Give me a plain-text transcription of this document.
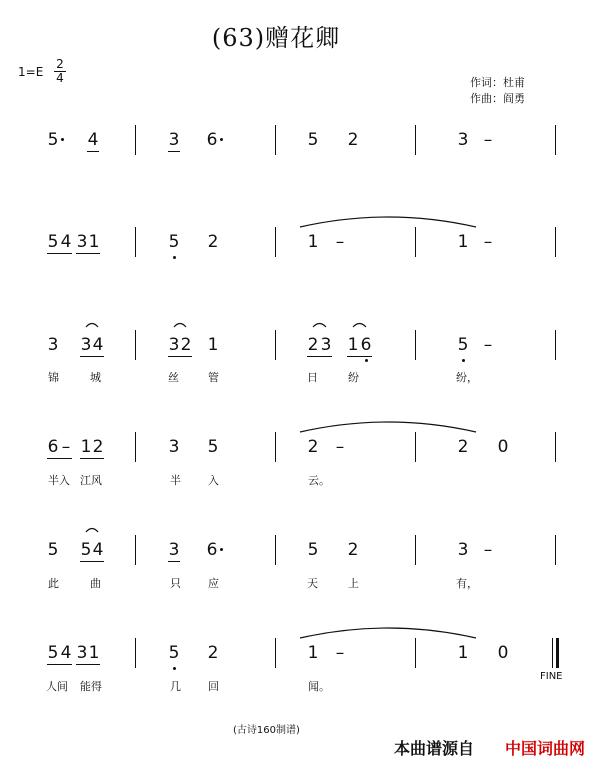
(63)赠花卿
$1=E \frac{2}{4}$	作词：杜甫
作曲：阎勇
5 4	3 6	5 2	3 –
5 4 3 1	5 2	1 –	1 –
3 3 4	3 2 1	2 3 1 6	5 –
锦	城	丝	管	日	纷	纷，
6 – 1 2	3 5	2 –	2 0
半入 江风	半 入	云。
5 5 4	3 6	5 2	3 –
此	曲	只 应	天	上	有，
5 4 3 1	5 2	1 –	1 0
人间 能得	几 回	闻。
FINE
(古诗160制谱)
本曲谱源自 中国词曲网
